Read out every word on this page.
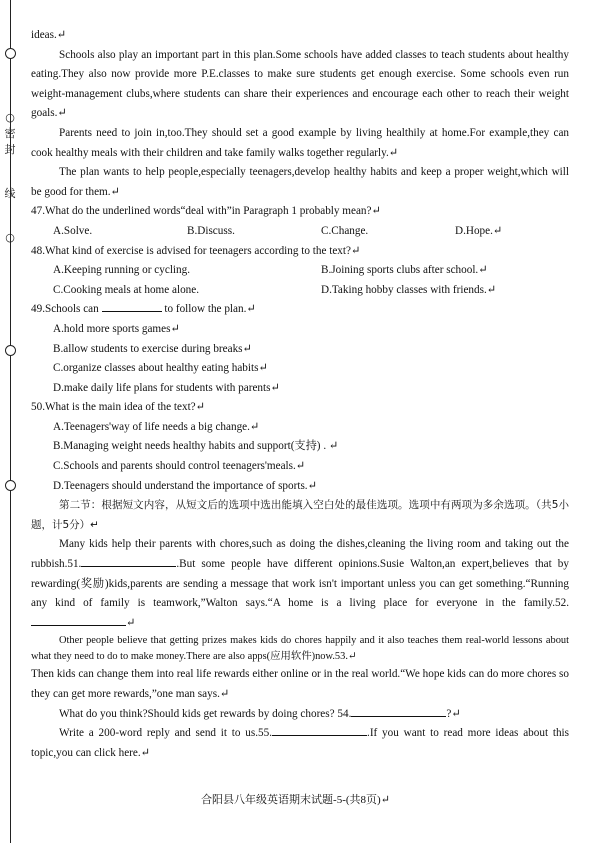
○
密
封
线
○

ideas.↵

Schools also play an important part in this plan.Some schools have added classes to teach students about healthy eating.They also now provide more P.E.classes to make sure students get enough exercise. Some schools even run weight-management clubs,where students can share their experiences and encourage each other to reach their weight goals.↵

Parents need to join in,too.They should set a good example by living healthily at home.For example,they can cook healthy meals with their children and take family walks together regularly.↵

The plan wants to help people,especially teenagers,develop healthy habits and keep a proper weight,which will be good for them.↵

47.What do the underlined words“deal with”in Paragraph 1 probably mean?↵

A.Solve.	B.Discuss.	C.Change.	D.Hope.↵

48.What kind of exercise is advised for teenagers according to the text?↵

A.Keeping running or cycling.	B.Joining sports clubs after school.↵
C.Cooking meals at home alone.	D.Taking hobby classes with friends.↵

49.Schools can	to follow the plan.↵

A.hold more sports games↵

B.allow students to exercise during breaks↵

C.organize classes about healthy eating habits↵

D.make daily life plans for students with parents↵

50.What is the main idea of the text?↵

A.Teenagers'way of life needs a big change.↵

B.Managing weight needs healthy habits and support(支持) . ↵

C.Schools and parents should control teenagers'meals.↵

D.Teenagers should understand the importance of sports.↵

第二节：根据短文内容，从短文后的选项中选出能填入空白处的最佳选项。选项中有两项为多余选项。（共5小题，计5分）↵

Many kids help their parents with chores,such as doing the dishes,cleaning the living room and taking out the rubbish.51.	.But some people have different opinions.Susie Walton,an expert,believes that by rewarding(奖励)kids,parents are sending a message that work isn't important unless you can get something.“Running any kind of family is teamwork,”Walton says.“A home is a living place for everyone in the family.52.↵

Other people believe that getting prizes makes kids do chores happily and it also teaches them real-world lessons about what they need to do to make money.There are also apps(应用软件)now.53.↵

Then kids can change them into real life rewards either online or in the real world.“We hope kids can do more chores so they can get more rewards,”one man says.↵

What do you think?Should kids get rewards by doing chores? 54.	?↵

Write a 200-word reply and send it to us.55.	.If you want to read more ideas about this topic,you can click here.↵

合阳县八年级英语期末试题-5-(共8页)↵
